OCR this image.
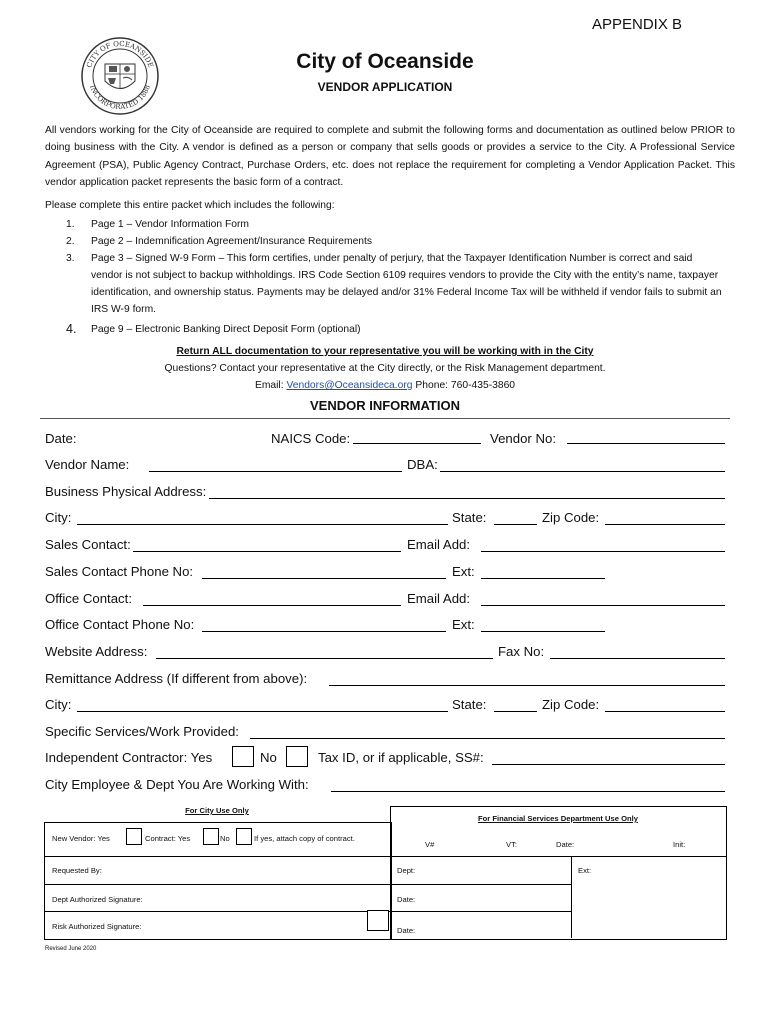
APPENDIX B
CITY OF OCEANSIDE
INCORPORATED 1888
City of Oceanside
VENDOR APPLICATION
All vendors working for the City of Oceanside are required to complete and submit the following forms and documentation as outlined below PRIOR to doing business with the City. A vendor is defined as a person or company that sells goods or provides a service to the City. A Professional Service Agreement (PSA), Public Agency Contract, Purchase Orders, etc. does not replace the requirement for completing a Vendor Application Packet. This vendor application packet represents the basic form of a contract.
Please complete this entire packet which includes the following:
1.	Page 1 – Vendor Information Form
2.	Page 2 – Indemnification Agreement/Insurance Requirements
3.	Page 3 – Signed W-9 Form – This form certifies, under penalty of perjury, that the Taxpayer Identification Number is correct and said vendor is not subject to backup withholdings. IRS Code Section 6109 requires vendors to provide the City with the entity’s name, taxpayer identification, and ownership status. Payments may be delayed and/or 31% Federal Income Tax will be withheld if vendor fails to submit an IRS W-9 form.
4.	Page 9 – Electronic Banking Direct Deposit Form (optional)
Return ALL documentation to your representative you will be working with in the City
Questions? Contact your representative at the City directly, or the Risk Management department.
Email: Vendors@Oceansideca.org Phone: 760-435-3860
VENDOR INFORMATION
Date:	NAICS Code:	Vendor No:
Vendor Name:	DBA:
Business Physical Address:
City:	State:	Zip Code:
Sales Contact:	Email Add:
Sales Contact Phone No:	Ext:
Office Contact:	Email Add:
Office Contact Phone No:	Ext:
Website Address:	Fax No:
Remittance Address (If different from above):
City:	State:	Zip Code:
Specific Services/Work Provided:
Independent Contractor: Yes	No	Tax ID, or if applicable, SS#:
City Employee & Dept You Are Working With:
For City Use Only
New Vendor: Yes	Contract: Yes	No	If yes, attach copy of contract.
Requested By:
Dept Authorized Signature:
Risk Authorized Signature:
For Financial Services Department Use Only
V#	VT:	Date:	Init:
Dept:	Ext:
Date:
Date:
Revised June 2020
